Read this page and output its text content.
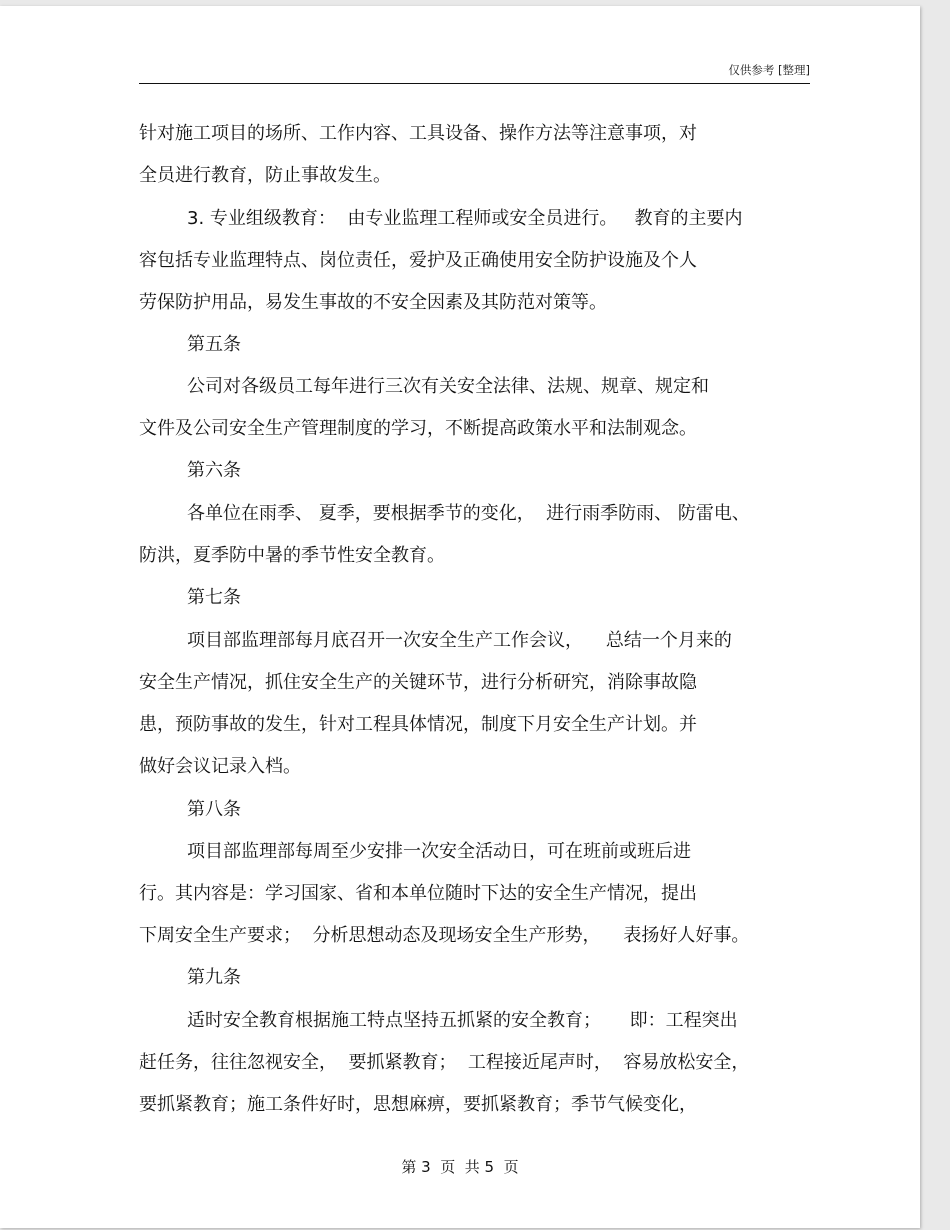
仅供参考 [整理]
针对施工项目的场所、工作内容、工具设备、操作方法等注意事项，对
全员进行教育，防止事故发生。
3. 专业组级教育：  由专业监理工程师或安全员进行。   教育的主要内
容包括专业监理特点、岗位责任，爱护及正确使用安全防护设施及个人
劳保防护用品，易发生事故的不安全因素及其防范对策等。
第五条
公司对各级员工每年进行三次有关安全法律、法规、规章、规定和
文件及公司安全生产管理制度的学习，不断提高政策水平和法制观念。
第六条
各单位在雨季、 夏季，要根据季节的变化，  进行雨季防雨、 防雷电、
防洪，夏季防中暑的季节性安全教育。
第七条
项目部监理部每月底召开一次安全生产工作会议，    总结一个月来的
安全生产情况，抓住安全生产的关键环节，进行分析研究，消除事故隐
患，预防事故的发生，针对工程具体情况，制度下月安全生产计划。并
做好会议记录入档。
第八条
项目部监理部每周至少安排一次安全活动日，可在班前或班后进
行。其内容是：学习国家、省和本单位随时下达的安全生产情况，提出
下周安全生产要求；  分析思想动态及现场安全生产形势，    表扬好人好事。
第九条
适时安全教育根据施工特点坚持五抓紧的安全教育；     即：工程突出
赶任务，往往忽视安全，  要抓紧教育；  工程接近尾声时，  容易放松安全，
要抓紧教育；施工条件好时，思想麻痹，要抓紧教育；季节气候变化，
第 3  页  共 5  页
